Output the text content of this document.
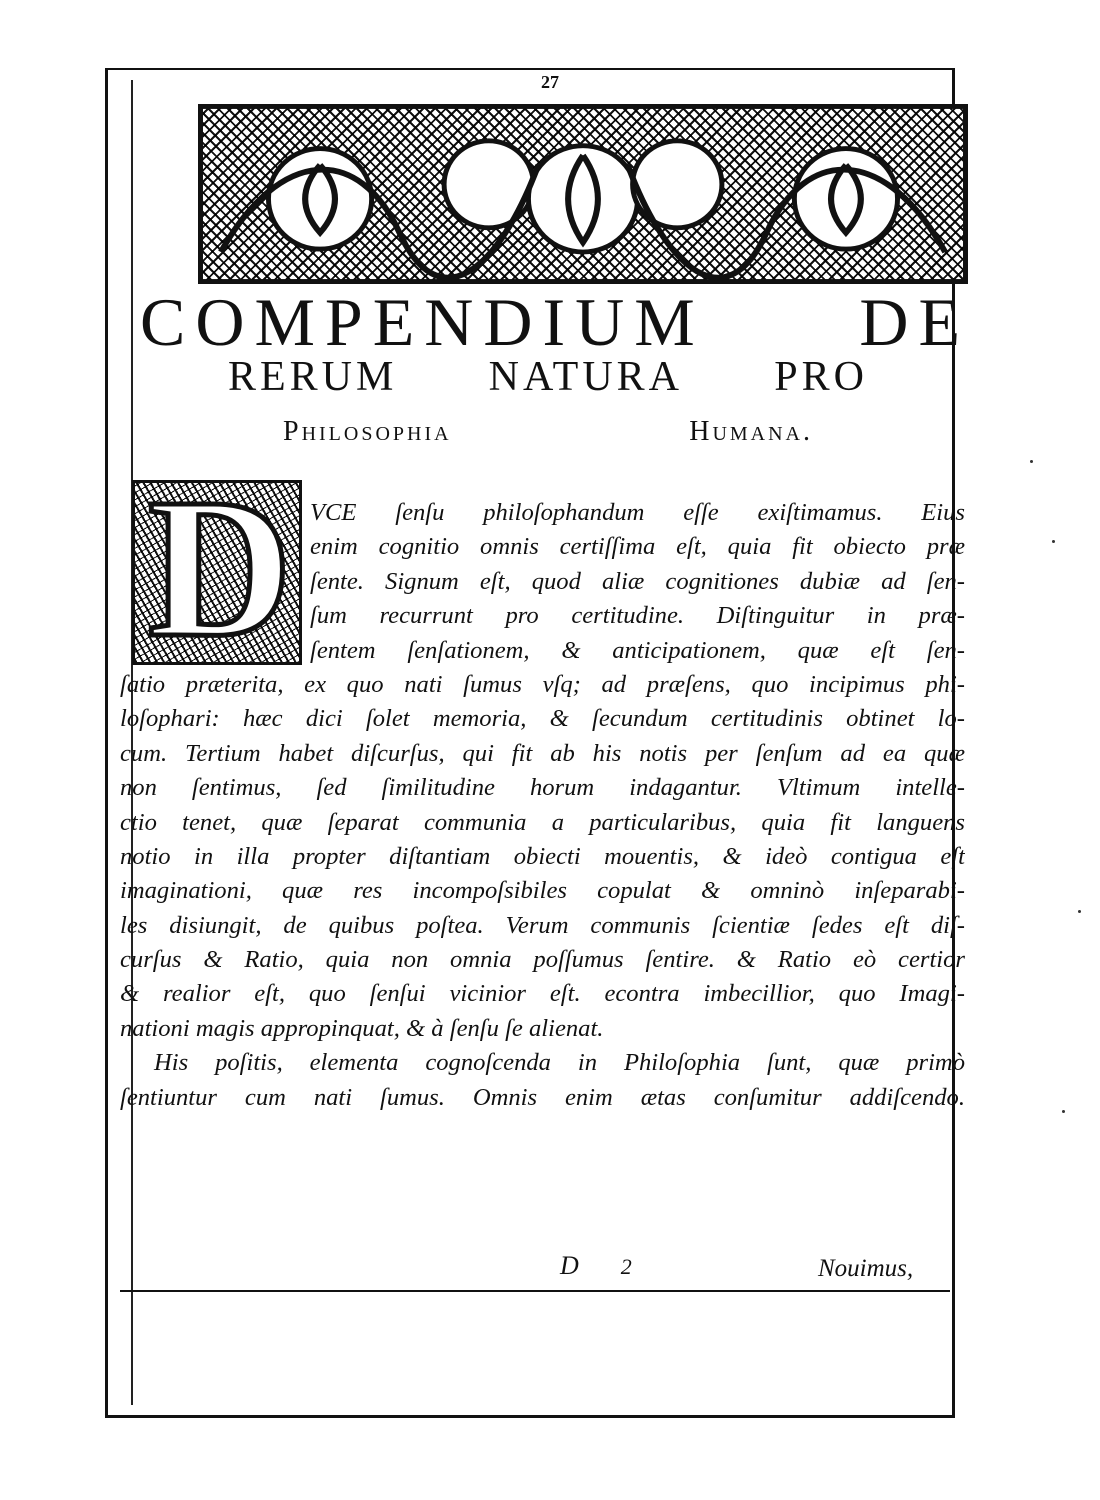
27
COMPENDIUM DE
RERUM NATURA PRO
Philosophia	Humana.
D VCE ſenſu philoſophandum eſſe exiſtimamus. Eius
enim cognitio omnis certiſſima eſt, quia fit obiecto præ
ſente. Signum eſt, quod aliæ cognitiones dubiæ ad ſen-
ſum recurrunt pro certitudine. Diſtinguitur in præ-
ſentem ſenſationem, & anticipationem, quæ eſt ſen-
ſatio præterita, ex quo nati ſumus vſq; ad præſens, quo incipimus phi-
loſophari: hæc dici ſolet memoria, & ſecundum certitudinis obtinet lo-
cum. Tertium habet diſcurſus, qui fit ab his notis per ſenſum ad ea quæ
non ſentimus, ſed ſimilitudine horum indagantur. Vltimum intelle-
ctio tenet, quæ ſeparat communia a particularibus, quia fit languens
notio in illa propter diſtantiam obiecti mouentis, & ideò contigua eſt
imaginationi, quæ res incompoſsibiles copulat & omninò inſeparabi-
les disiungit, de quibus poſtea. Verum communis ſcientiæ ſedes eſt diſ-
curſus & Ratio, quia non omnia poſſumus ſentire. & Ratio eò certior
& realior eſt, quo ſenſui vicinior eſt. econtra imbecillior, quo Imagi-
nationi magis appropinquat, & à ſenſu ſe alienat.
His poſitis, elementa cognoſcenda in Philoſophia ſunt, quæ primò
ſentiuntur cum nati ſumus. Omnis enim ætas conſumitur addiſcendo.
D 2	Nouimus,
